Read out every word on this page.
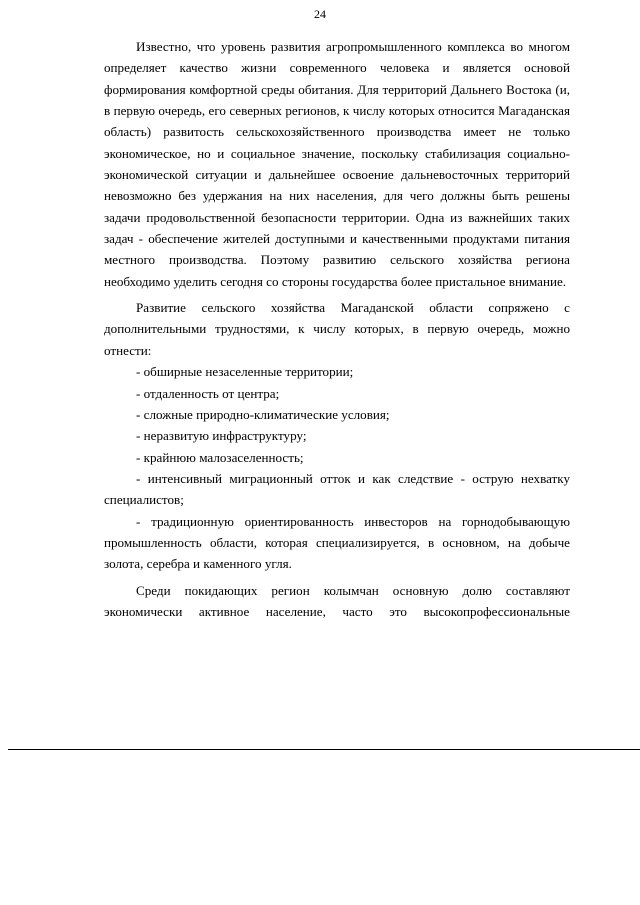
24

Известно, что уровень развития агропромышленного комплекса во многом определяет качество жизни современного человека и является основой формирования комфортной среды обитания. Для территорий Дальнего Востока (и, в первую очередь, его северных регионов, к числу которых относится Магаданская область) развитость сельскохозяйственного производства имеет не только экономическое, но и социальное значение, поскольку стабилизация социально-экономической ситуации и дальнейшее освоение дальневосточных территорий невозможно без удержания на них населения, для чего должны быть решены задачи продовольственной безопасности территории. Одна из важнейших таких задач - обеспечение жителей доступными и качественными продуктами питания местного производства. Поэтому развитию сельского хозяйства региона необходимо уделить сегодня со стороны государства более пристальное внимание.

Развитие сельского хозяйства Магаданской области сопряжено с дополнительными трудностями, к числу которых, в первую очередь, можно отнести:

- обширные незаселенные территории;

- отдаленность от центра;

- сложные природно-климатические условия;

- неразвитую инфраструктуру;

- крайнюю малозаселенность;

- интенсивный миграционный отток и как следствие - острую нехватку специалистов;

- традиционную ориентированность инвесторов на горнодобывающую промышленность области, которая специализируется, в основном, на добыче золота, серебра и каменного угля.

Среди покидающих регион колымчан основную долю составляют экономически активное население, часто это высокопрофессиональные
